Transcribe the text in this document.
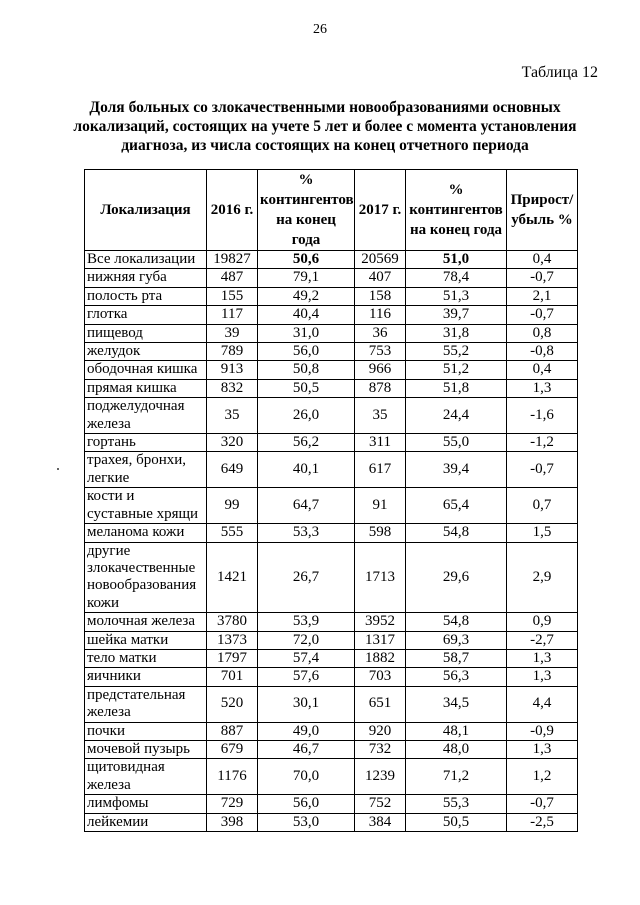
26
Таблица 12
Доля больных со злокачественными новообразованиями основных локализаций, состоящих на учете 5 лет и более с момента установления диагноза, из числа состоящих на конец отчетного периода
Локализация	2016 г.	% контингентов на конец года	2017 г.	% контингентов на конец года	Прирост/ убыль %
Все локализации	19827	50,6	20569	51,0	0,4
нижняя губа	487	79,1	407	78,4	-0,7
полость рта	155	49,2	158	51,3	2,1
глотка	117	40,4	116	39,7	-0,7
пищевод	39	31,0	36	31,8	0,8
желудок	789	56,0	753	55,2	-0,8
ободочная кишка	913	50,8	966	51,2	0,4
прямая кишка	832	50,5	878	51,8	1,3
поджелудочная железа	35	26,0	35	24,4	-1,6
гортань	320	56,2	311	55,0	-1,2
трахея, бронхи, легкие	649	40,1	617	39,4	-0,7
кости и суставные хрящи	99	64,7	91	65,4	0,7
меланома кожи	555	53,3	598	54,8	1,5
другие злокачественные новообразования кожи	1421	26,7	1713	29,6	2,9
молочная железа	3780	53,9	3952	54,8	0,9
шейка матки	1373	72,0	1317	69,3	-2,7
тело матки	1797	57,4	1882	58,7	1,3
яичники	701	57,6	703	56,3	1,3
предстательная железа	520	30,1	651	34,5	4,4
почки	887	49,0	920	48,1	-0,9
мочевой пузырь	679	46,7	732	48,0	1,3
щитовидная железа	1176	70,0	1239	71,2	1,2
лимфомы	729	56,0	752	55,3	-0,7
лейкемии	398	53,0	384	50,5	-2,5
